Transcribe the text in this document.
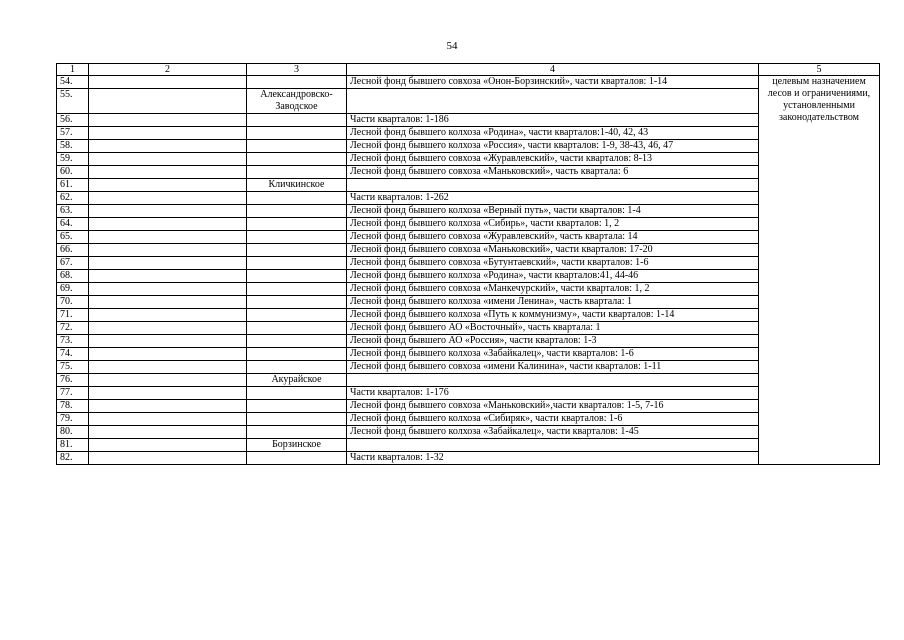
54
1	2	3	4	5
54.			Лесной фонд бывшего совхоза «Онон-Борзинский», части кварталов: 1-14	целевым назначением лесов и ограничениями, установленными законодательством
55.		Александровско-Заводское		
56.			Части кварталов: 1-186	
57.			Лесной фонд бывшего колхоза «Родина», части кварталов:1-40, 42, 43	
58.			Лесной фонд бывшего колхоза «Россия», части кварталов: 1-9, 38-43, 46, 47	
59.			Лесной фонд бывшего совхоза «Журавлевский», части кварталов: 8-13	
60.			Лесной фонд бывшего совхоза «Маньковский», часть квартала: 6	
61.		Кличкинское		
62.			Части кварталов: 1-262	
63.			Лесной фонд бывшего колхоза «Верный путь», части кварталов: 1-4	
64.			Лесной фонд бывшего колхоза «Сибирь», части кварталов: 1, 2	
65.			Лесной фонд бывшего совхоза «Журавлевский», часть квартала: 14	
66.			Лесной фонд бывшего совхоза «Маньковский», части кварталов: 17-20	
67.			Лесной фонд бывшего совхоза «Бутунтаевский», части кварталов: 1-6	
68.			Лесной фонд бывшего колхоза «Родина», части кварталов:41, 44-46	
69.			Лесной фонд бывшего совхоза «Манкечурский», части кварталов: 1, 2	
70.			Лесной фонд бывшего колхоза «имени Ленина», часть квартала: 1	
71.			Лесной фонд бывшего колхоза «Путь к коммунизму», части кварталов: 1-14	
72.			Лесной фонд бывшего АО «Восточный», часть квартала: 1	
73.			Лесной фонд бывшего АО «Россия», части кварталов: 1-3	
74.			Лесной фонд бывшего колхоза «Забайкалец», части кварталов: 1-6	
75.			Лесной фонд бывшего совхоза «имени Калинина», части кварталов: 1-11	
76.		Акурайское		
77.			Части кварталов: 1-176	
78.			Лесной фонд бывшего совхоза «Маньковский»,части кварталов: 1-5, 7-16	
79.			Лесной фонд бывшего колхоза «Сибиряк», части кварталов: 1-6	
80.			Лесной фонд бывшего колхоза «Забайкалец», части кварталов: 1-45	
81.		Борзинское		
82.			Части кварталов: 1-32	
